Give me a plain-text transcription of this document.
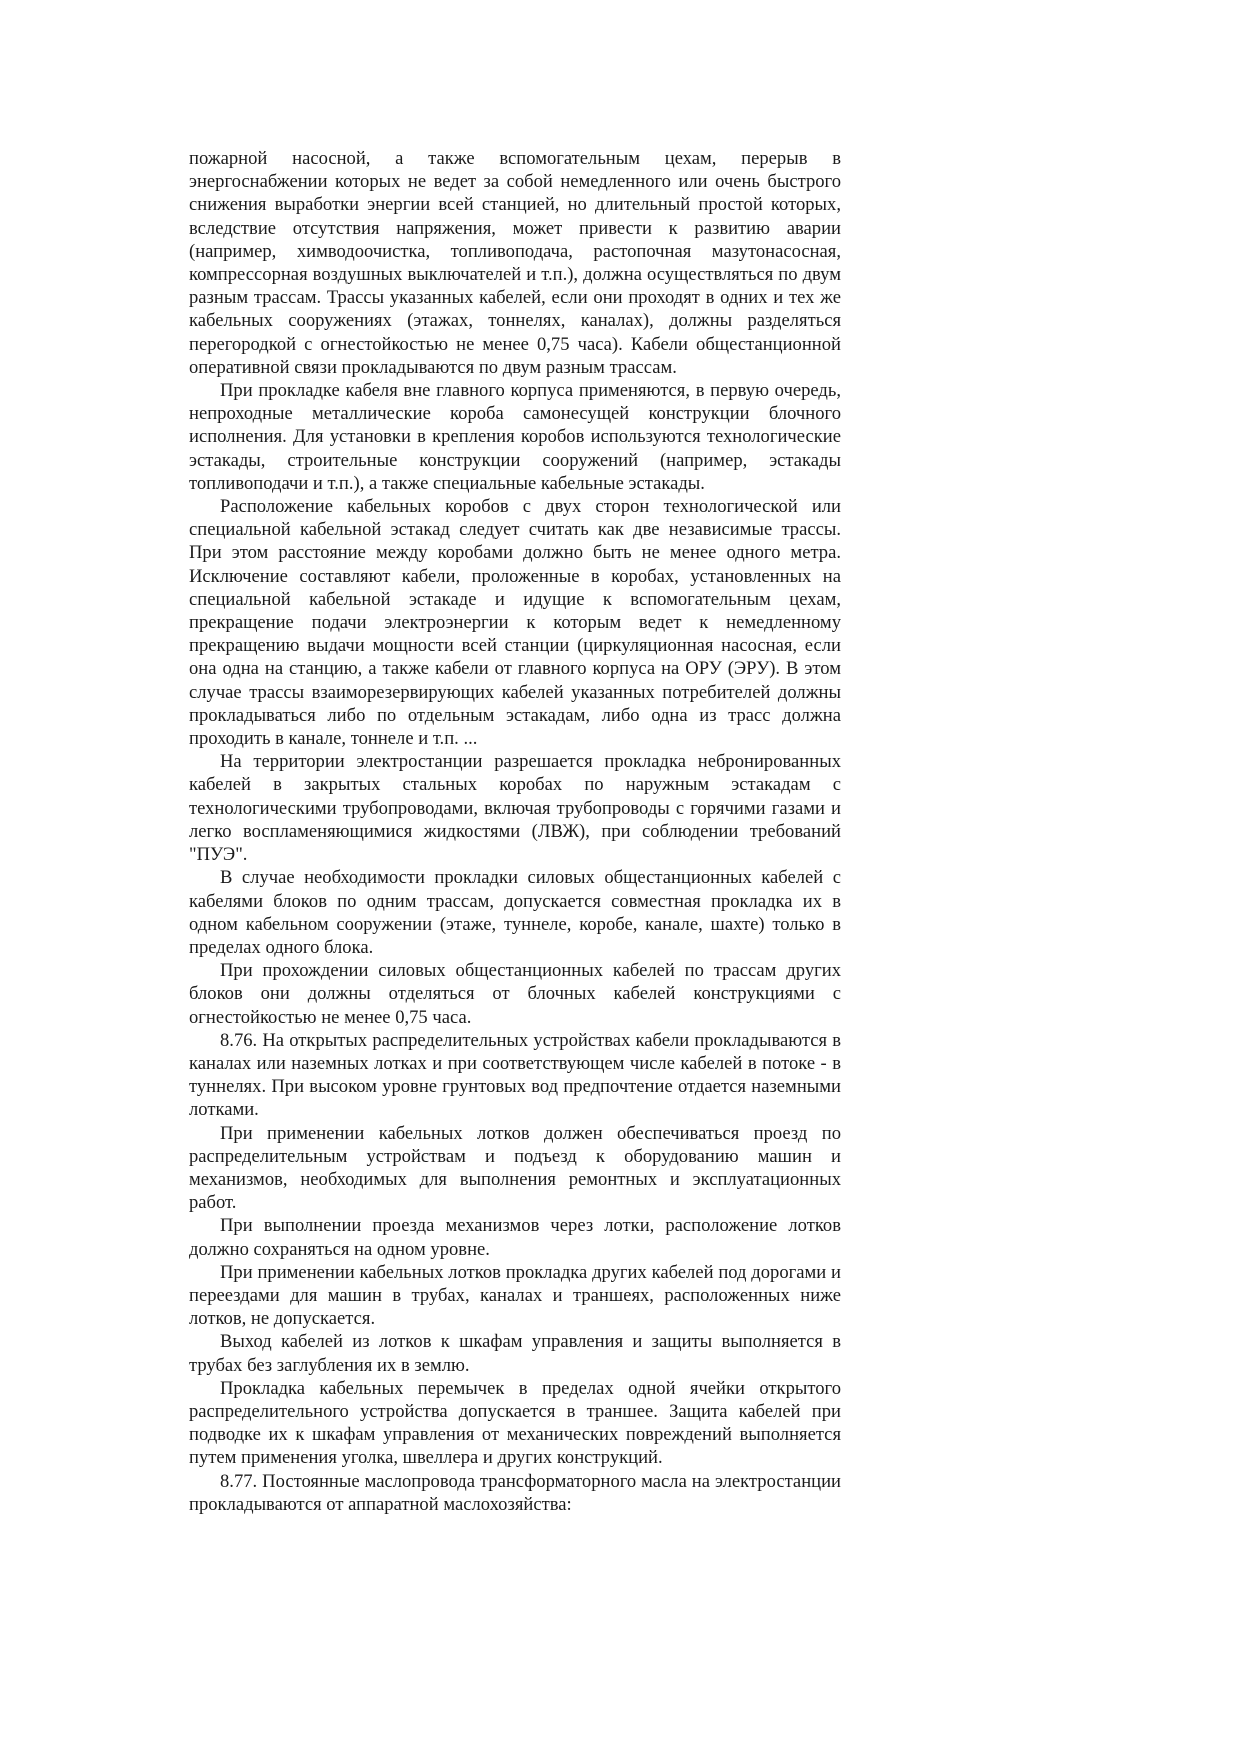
пожарной насосной, а также вспомогательным цехам, перерыв в энергоснабжении которых не ведет за собой немедленного или очень быстрого снижения выработки энергии всей станцией, но длительный простой которых, вследствие отсутствия напряжения, может привести к развитию аварии (например, химводоочистка, топливоподача, растопочная мазутонасосная, компрессорная воздушных выключателей и т.п.), должна осуществляться по двум разным трассам. Трассы указанных кабелей, если они проходят в одних и тех же кабельных сооружениях (этажах, тоннелях, каналах), должны разделяться перегородкой с огнестойкостью не менее 0,75 часа). Кабели общестанционной оперативной связи прокладываются по двум разным трассам.

При прокладке кабеля вне главного корпуса применяются, в первую очередь, непроходные металлические короба самонесущей конструкции блочного исполнения. Для установки в крепления коробов используются технологические эстакады, строительные конструкции сооружений (например, эстакады топливоподачи и т.п.), а также специальные кабельные эстакады.

Расположение кабельных коробов с двух сторон технологической или специальной кабельной эстакад следует считать как две независимые трассы. При этом расстояние между коробами должно быть не менее одного метра. Исключение составляют кабели, проложенные в коробах, установленных на специальной кабельной эстакаде и идущие к вспомогательным цехам, прекращение подачи электроэнергии к которым ведет к немедленному прекращению выдачи мощности всей станции (циркуляционная насосная, если она одна на станцию, а также кабели от главного корпуса на ОРУ (ЭРУ). В этом случае трассы взаиморезервирующих кабелей указанных потребителей должны прокладываться либо по отдельным эстакадам, либо одна из трасс должна проходить в канале, тоннеле и т.п. ...

На территории электростанции разрешается прокладка небронированных кабелей в закрытых стальных коробах по наружным эстакадам с технологическими трубопроводами, включая трубопроводы с горячими газами и легко воспламеняющимися жидкостями (ЛВЖ), при соблюдении требований "ПУЭ".

В случае необходимости прокладки силовых общестанционных кабелей с кабелями блоков по одним трассам, допускается совместная прокладка их в одном кабельном сооружении (этаже, туннеле, коробе, канале, шахте) только в пределах одного блока.

При прохождении силовых общестанционных кабелей по трассам других блоков они должны отделяться от блочных кабелей конструкциями с огнестойкостью не менее 0,75 часа.

8.76. На открытых распределительных устройствах кабели прокладываются в каналах или наземных лотках и при соответствующем числе кабелей в потоке - в туннелях. При высоком уровне грунтовых вод предпочтение отдается наземными лотками.

При применении кабельных лотков должен обеспечиваться проезд по распределительным устройствам и подъезд к оборудованию машин и механизмов, необходимых для выполнения ремонтных и эксплуатационных работ.

При выполнении проезда механизмов через лотки, расположение лотков должно сохраняться на одном уровне.

При применении кабельных лотков прокладка других кабелей под дорогами и переездами для машин в трубах, каналах и траншеях, расположенных ниже лотков, не допускается.

Выход кабелей из лотков к шкафам управления и защиты выполняется в трубах без заглубления их в землю.

Прокладка кабельных перемычек в пределах одной ячейки открытого распределительного устройства допускается в траншее. Защита кабелей при подводке их к шкафам управления от механических повреждений выполняется путем применения уголка, швеллера и других конструкций.

8.77. Постоянные маслопровода трансформаторного масла на электростанции прокладываются от аппаратной маслохозяйства:
